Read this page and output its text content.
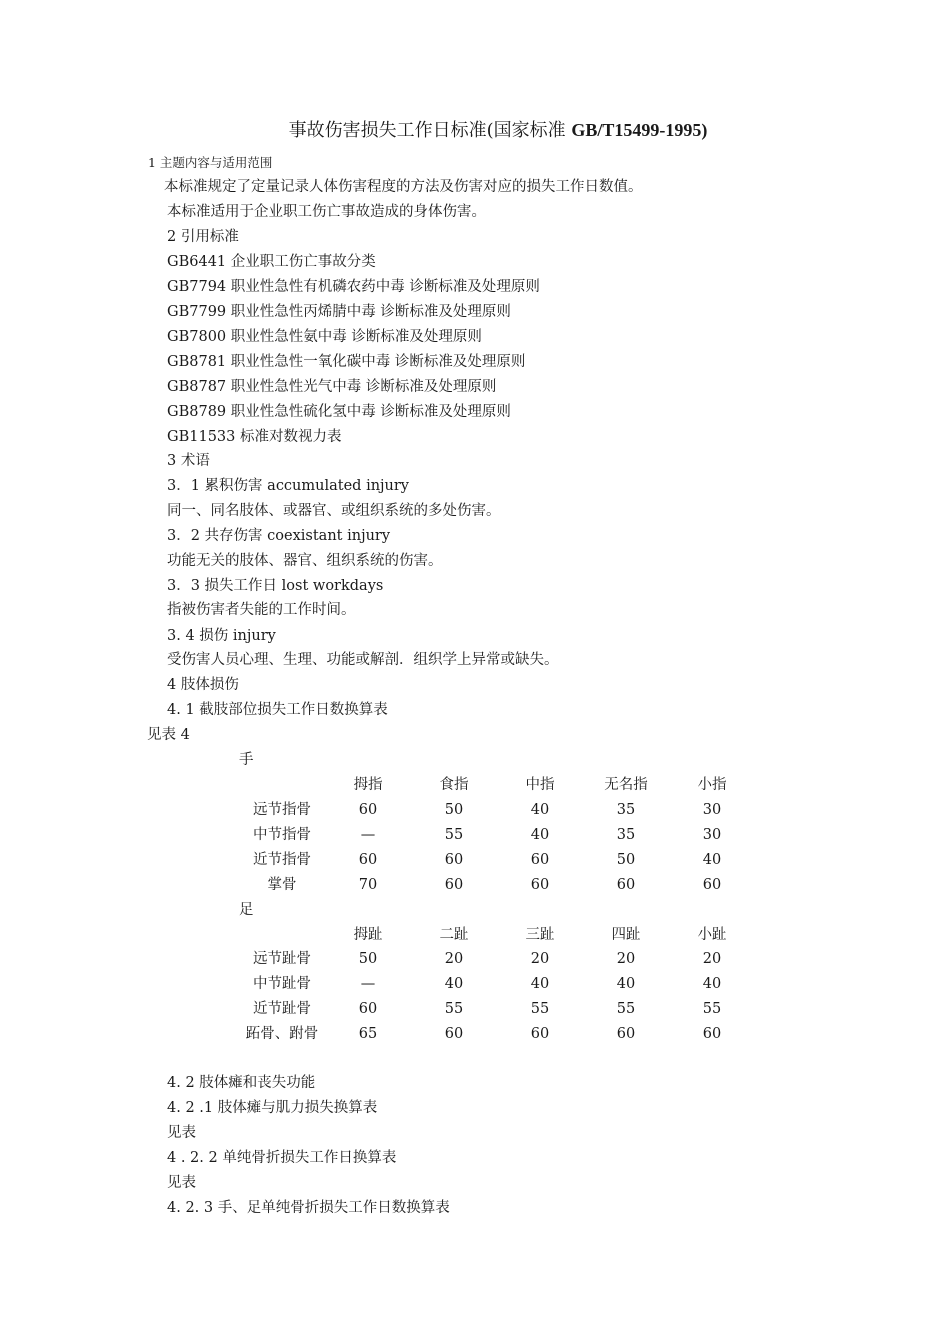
事故伤害损失工作日标准(国家标准 GB/T15499-1995)
1 主题内容与适用范围
本标准规定了定量记录人体伤害程度的方法及伤害对应的损失工作日数值。
本标准适用于企业职工伤亡事故造成的身体伤害。
2 引用标准
GB6441 企业职工伤亡事故分类
GB7794 职业性急性有机磷农药中毒 诊断标准及处理原则
GB7799 职业性急性丙烯腈中毒 诊断标准及处理原则
GB7800 职业性急性氨中毒 诊断标准及处理原则
GB8781 职业性急性一氧化碳中毒 诊断标准及处理原则
GB8787 职业性急性光气中毒 诊断标准及处理原则
GB8789 职业性急性硫化氢中毒 诊断标准及处理原则
GB11533 标准对数视力表
3 术语
3．1 累积伤害 accumulated injury
同一、同名肢体、或器官、或组织系统的多处伤害。
3．2 共存伤害 coexistant injury
功能无关的肢体、器官、组织系统的伤害。
3．3 损失工作日 lost workdays
指被伤害者失能的工作时间。
3. 4 损伤 injury
受伤害人员心理、生理、功能或解剖．组织学上异常或缺失。
4 肢体损伤
4. 1 截肢部位损失工作日数换算表
见表 4
手
拇指	食指	中指	无名指	小指
远节指骨	60	50	40	35	30
中节指骨	—	55	40	35	30
近节指骨	60	60	60	50	40
掌骨	70	60	60	60	60
足
拇趾	二趾	三趾	四趾	小趾
远节趾骨	50	20	20	20	20
中节趾骨	—	40	40	40	40
近节趾骨	60	55	55	55	55
跖骨、跗骨	65	60	60	60	60
4. 2 肢体瘫和丧失功能
4. 2 .1 肢体瘫与肌力损失换算表
见表
4 . 2. 2 单纯骨折损失工作日换算表
见表
4. 2. 3 手、足单纯骨折损失工作日数换算表
